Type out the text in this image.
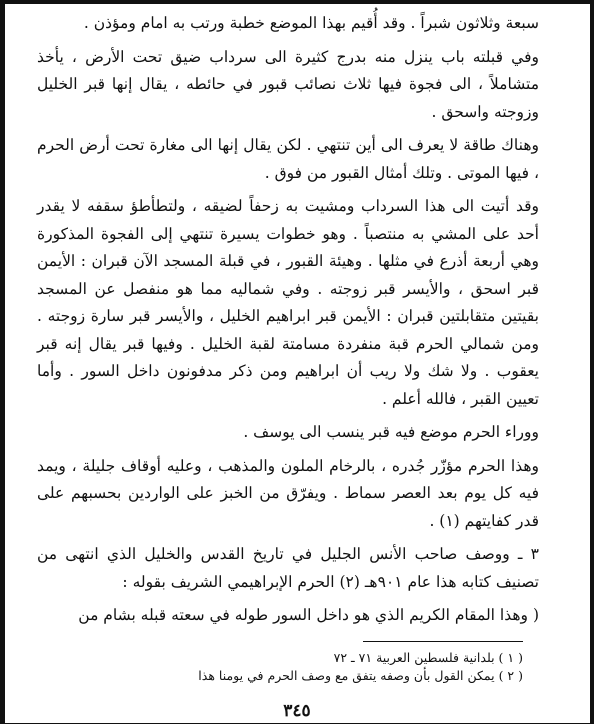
سبعة وثلاثون شبراً . وقد أُقيم بهذا الموضع خطبة ورتب به امام ومؤذن .

وفي قبلته باب ينزل منه بدرج كثيرة الى سرداب ضيق تحت الأرض ، يأخذ متشاملاً ، الى فجوة فيها ثلاث نصائب قبور في حائطه ، يقال إنها قبر الخليل وزوجته واسحق .

وهناك طاقة لا يعرف الى أين تنتهي . لكن يقال إنها الى مغارة تحت أرض الحرم ، فيها الموتى . وتلك أمثال القبور من فوق .

وقد أتيت الى هذا السرداب ومشيت به زحفاً لضيقه ، ولتطأطؤ سقفه لا يقدر أحد على المشي به منتصباً . وهو خطوات يسيرة تنتهي إلى الفجوة المذكورة وهي أربعة أذرع في مثلها . وهيئة القبور ، في قبلة المسجد الآن قبران : الأيمن قبر اسحق ، والأيسر قبر زوجته . وفي شماليه مما هو منفصل عن المسجد بقيتين متقابلتين قبران : الأيمن قبر ابراهيم الخليل ، والأيسر قبر سارة زوجته . ومن شمالي الحرم قبة منفردة مسامتة لقبة الخليل . وفيها قبر يقال إنه قبر يعقوب . ولا شك ولا ريب أن ابراهيم ومن ذكر مدفونون داخل السور . وأما تعيين القبر ، فالله أعلم .

ووراء الحرم موضع فيه قبر ينسب الى يوسف .

وهذا الحرم مؤزّر جُدره ، بالرخام الملون والمذهب ، وعليه أوقاف جليلة ، ويمد فيه كل يوم بعد العصر سماط . ويفرّق من الخبز على الواردين بحسبهم على قدر كفايتهم (١) .

٣ ـ ووصف صاحب الأنس الجليل في تاريخ القدس والخليل الذي انتهى من تصنيف كتابه هذا عام ٩٠١هـ (٢) الحرم الإبراهيمي الشريف بقوله :

( وهذا المقام الكريم الذي هو داخل السور طوله في سعته قبله بشام من

( ١ ) بلدانية فلسطين العربية ٧١ ـ ٧٢

( ٢ ) يمكن القول بأن وصفه يتفق مع وصف الحرم في يومنا هذا

٣٤٥
